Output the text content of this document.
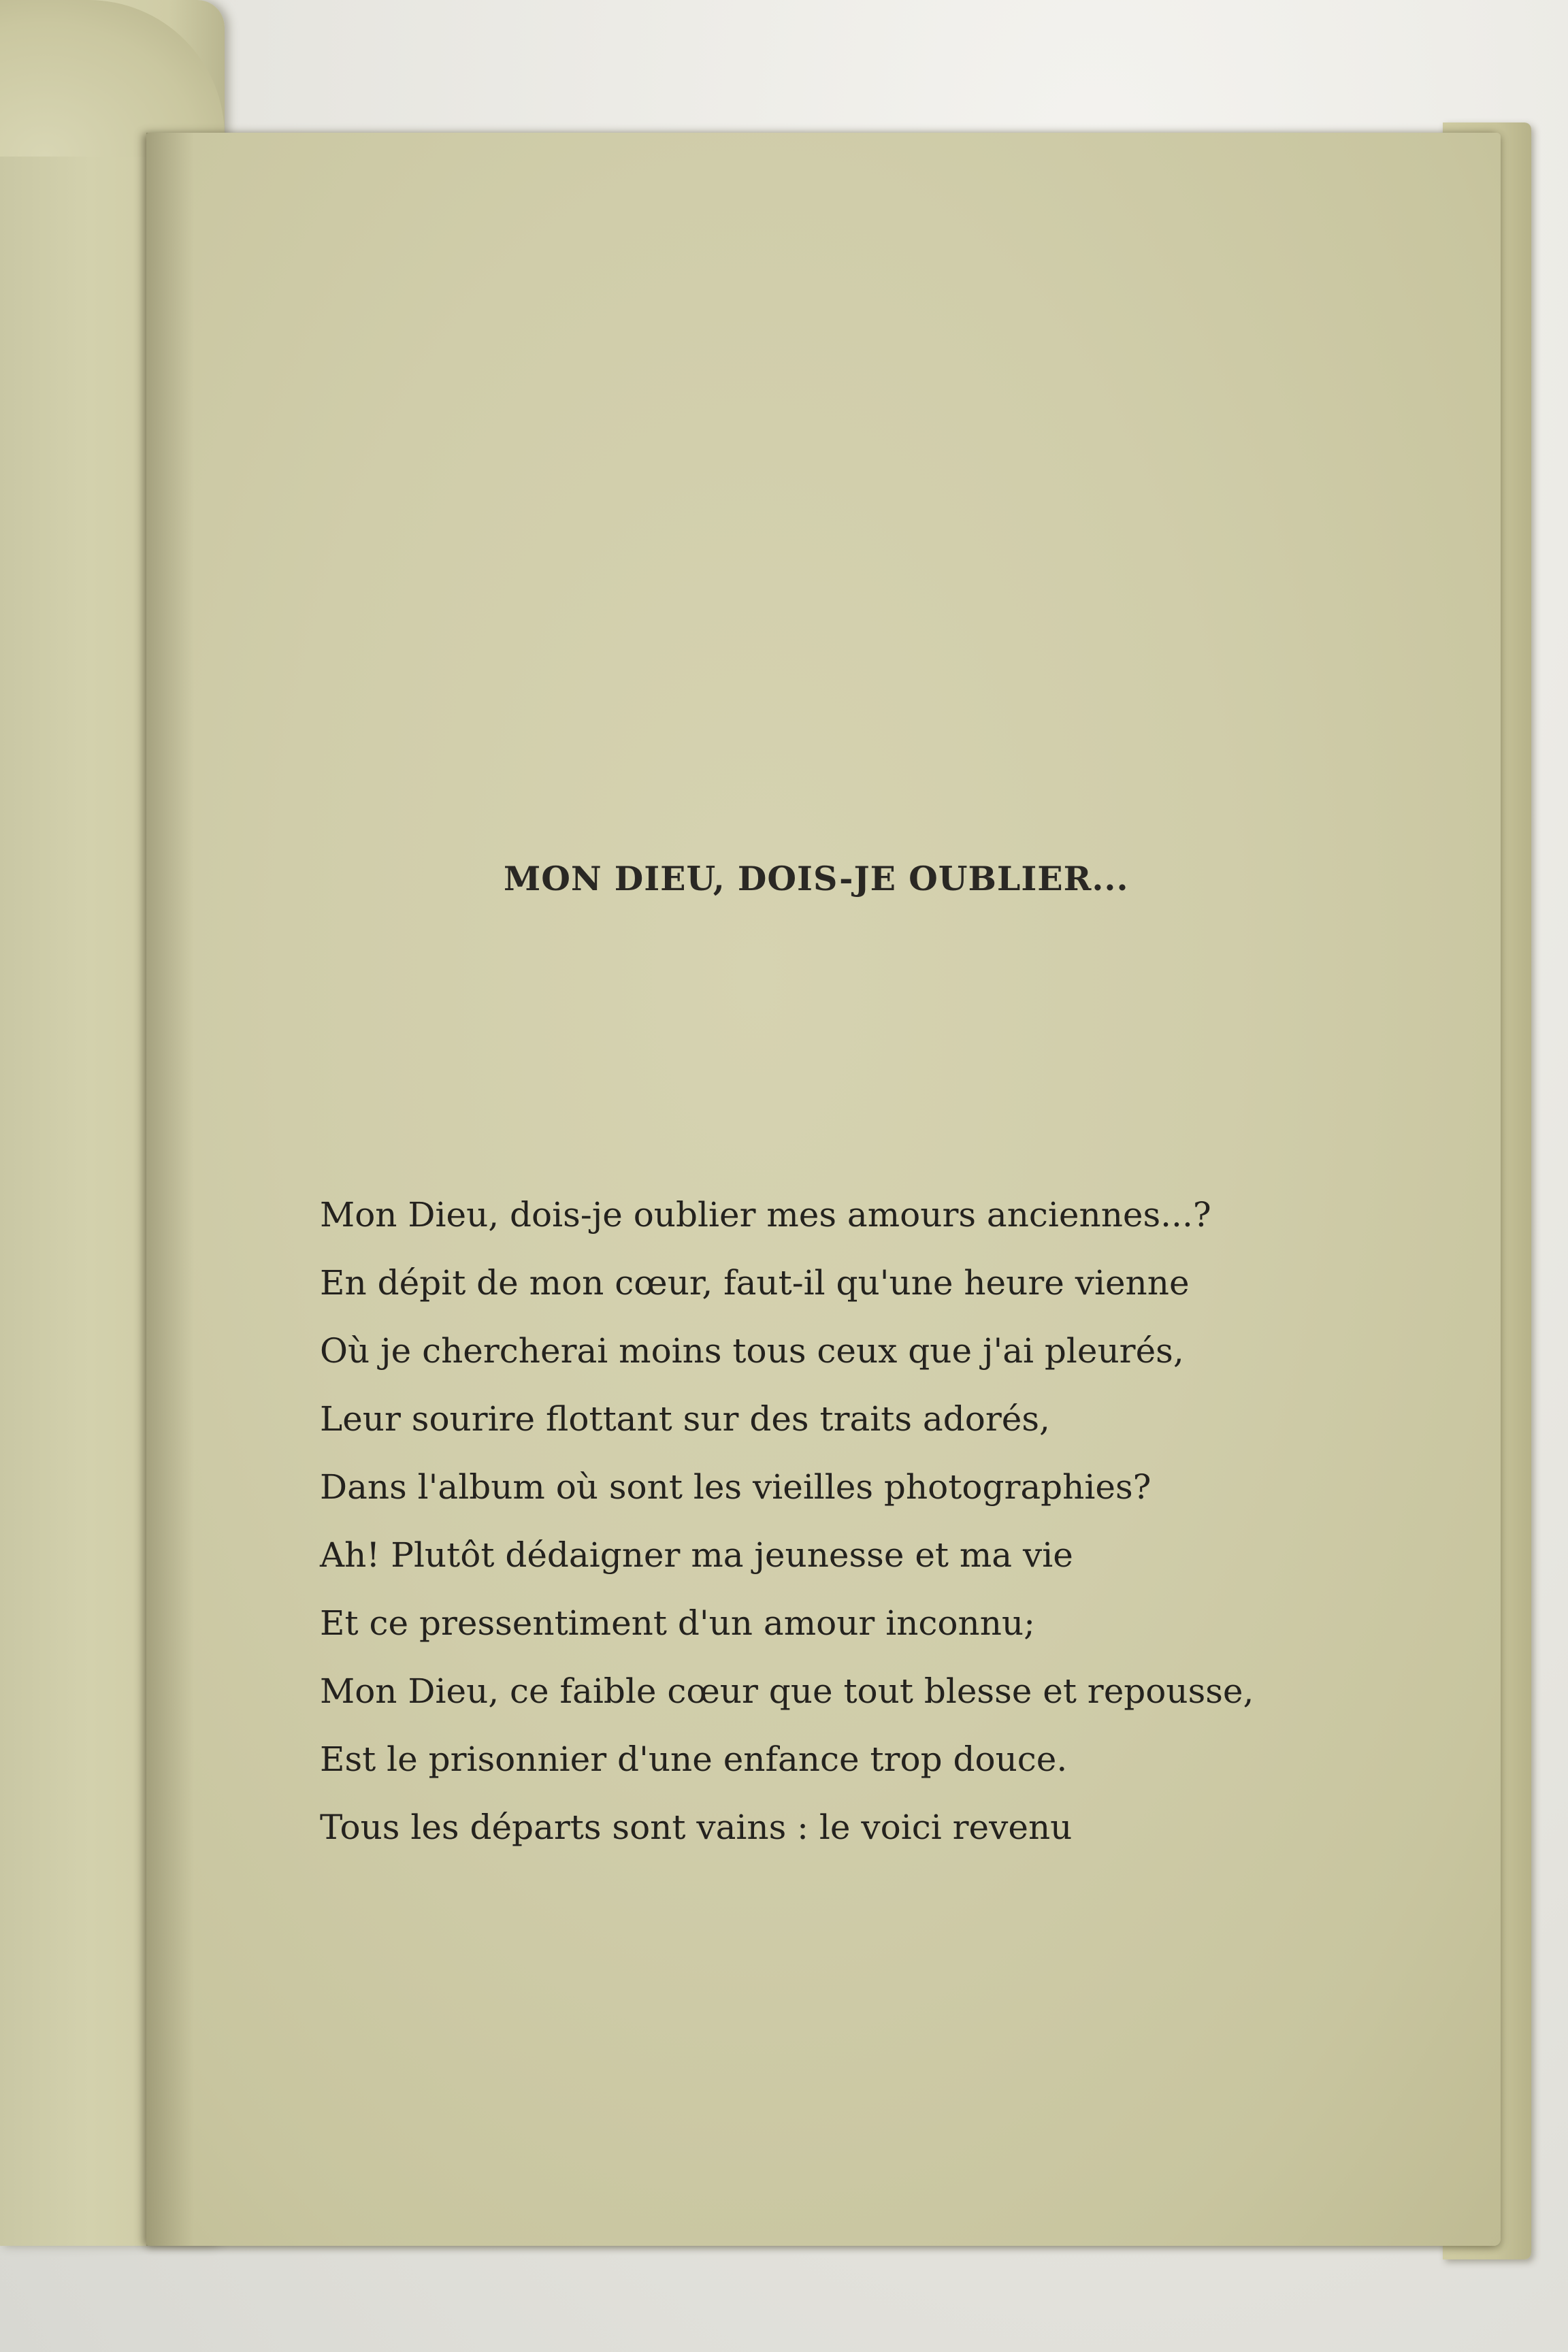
MON DIEU, DOIS-JE OUBLIER...
Mon Dieu, dois-je oublier mes amours anciennes...?
En dépit de mon cœur, faut-il qu'une heure vienne
Où je chercherai moins tous ceux que j'ai pleurés,
Leur sourire flottant sur des traits adorés,
Dans l'album où sont les vieilles photographies?
Ah! Plutôt dédaigner ma jeunesse et ma vie
Et ce pressentiment d'un amour inconnu;
Mon Dieu, ce faible cœur que tout blesse et repousse,
Est le prisonnier d'une enfance trop douce.
Tous les départs sont vains : le voici revenu
